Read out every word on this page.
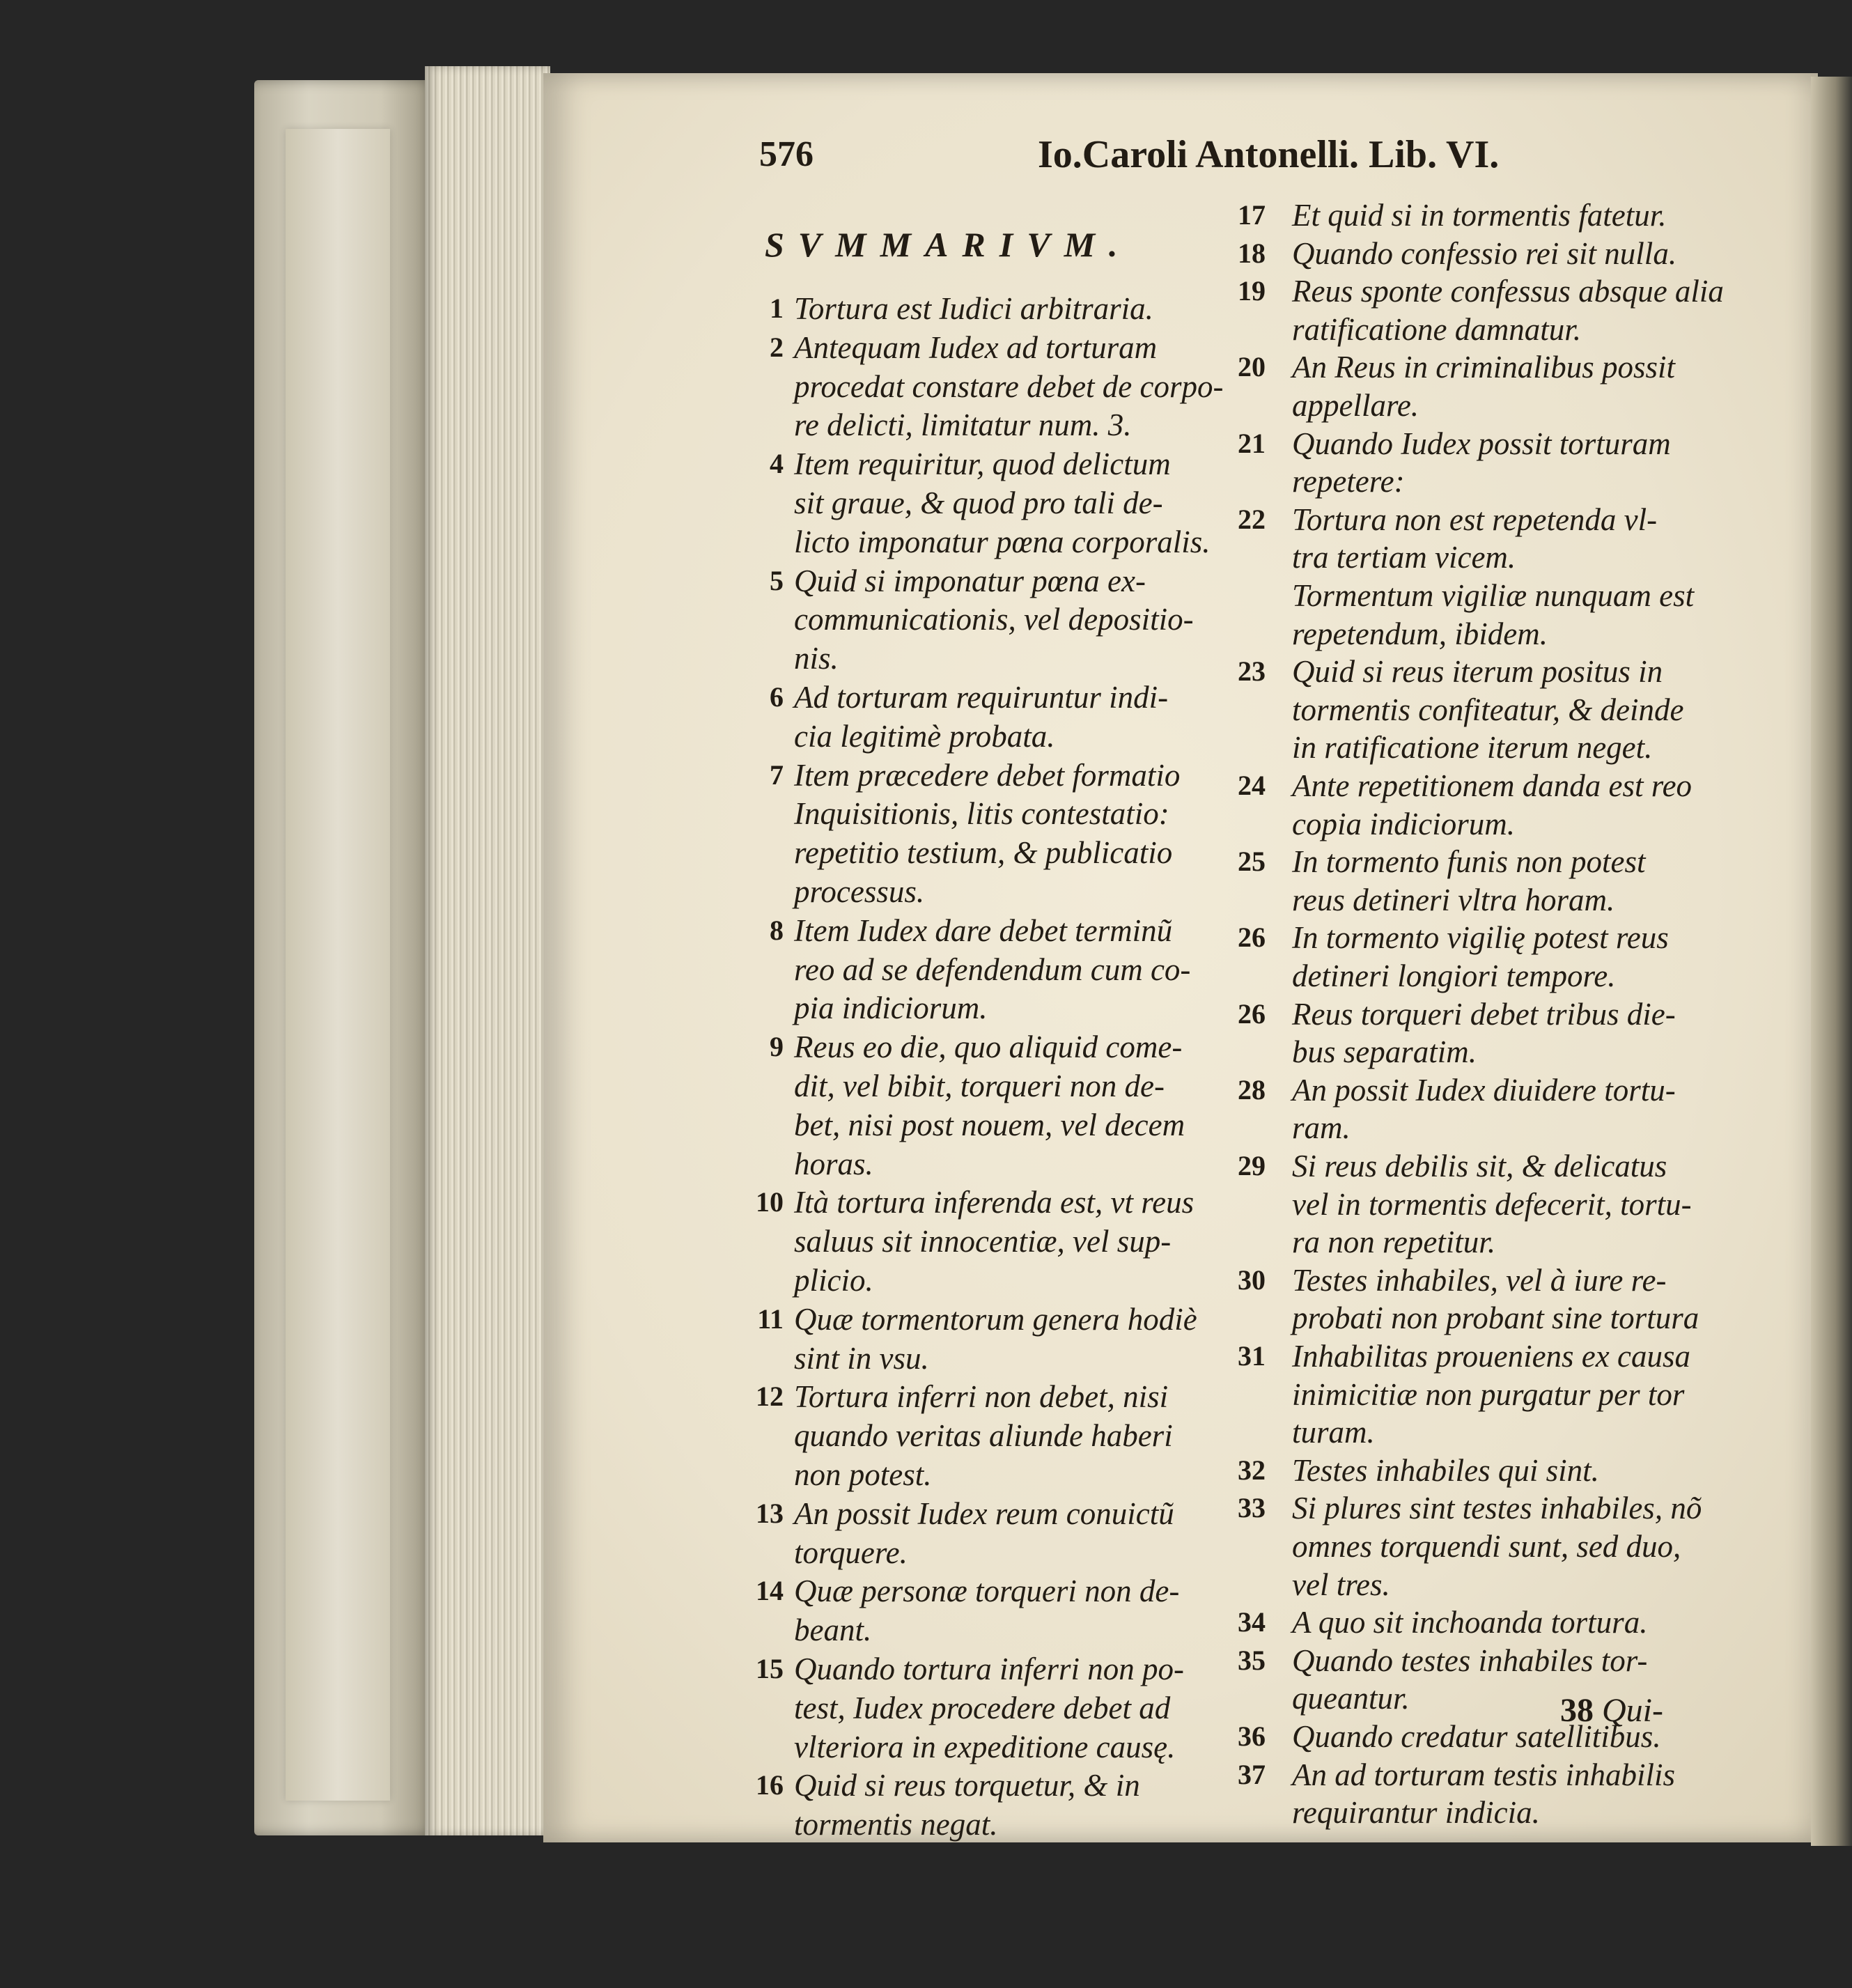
576	Io.Caroli Antonelli. Lib. VI.
SVMMARIVM.
1 Tortura est Iudici arbitraria.
2 Antequam Iudex ad torturam
procedat constare debet de corpo-
re delicti, limitatur num. 3.
4 Item requiritur, quod delictum
sit graue, & quod pro tali de-
licto imponatur pœna corporalis.
5 Quid si imponatur pœna ex-
communicationis, vel depositio-
nis.
6 Ad torturam requiruntur indi-
cia legitimè probata.
7 Item præcedere debet formatio
Inquisitionis, litis contestatio:
repetitio testium, & publicatio
processus.
8 Item Iudex dare debet terminũ
reo ad se defendendum cum co-
pia indiciorum.
9 Reus eo die, quo aliquid come-
dit, vel bibit, torqueri non de-
bet, nisi post nouem, vel decem
horas.
10 Ità tortura inferenda est, vt reus
saluus sit innocentiæ, vel sup-
plicio.
11 Quæ tormentorum genera hodiè
sint in vsu.
12 Tortura inferri non debet, nisi
quando veritas aliunde haberi
non potest.
13 An possit Iudex reum conuictũ
torquere.
14 Quæ personæ torqueri non de-
beant.
15 Quando tortura inferri non po-
test, Iudex procedere debet ad
vlteriora in expeditione causę.
16 Quid si reus torquetur, & in
tormentis negat.
17 Et quid si in tormentis fatetur.
18 Quando confessio rei sit nulla.
19 Reus sponte confessus absque alia
ratificatione damnatur.
20 An Reus in criminalibus possit
appellare.
21 Quando Iudex possit torturam
repetere:
22 Tortura non est repetenda vl-
tra tertiam vicem.
Tormentum vigiliæ nunquam est
repetendum, ibidem.
23 Quid si reus iterum positus in
tormentis confiteatur, & deinde
in ratificatione iterum neget.
24 Ante repetitionem danda est reo
copia indiciorum.
25 In tormento funis non potest
reus detineri vltra horam.
26 In tormento vigilię potest reus
detineri longiori tempore.
26 Reus torqueri debet tribus die-
bus separatim.
28 An possit Iudex diuidere tortu-
ram.
29 Si reus debilis sit, & delicatus
vel in tormentis defecerit, tortu-
ra non repetitur.
30 Testes inhabiles, vel à iure re-
probati non probant sine tortura
31 Inhabilitas proueniens ex causa
inimicitiæ non purgatur per tor
turam.
32 Testes inhabiles qui sint.
33 Si plures sint testes inhabiles, nõ
omnes torquendi sunt, sed duo,
vel tres.
34 A quo sit inchoanda tortura.
35 Quando testes inhabiles tor-
queantur.
36 Quando credatur satellitibus.
37 An ad torturam testis inhabilis
requirantur indicia.
38 Qui-
